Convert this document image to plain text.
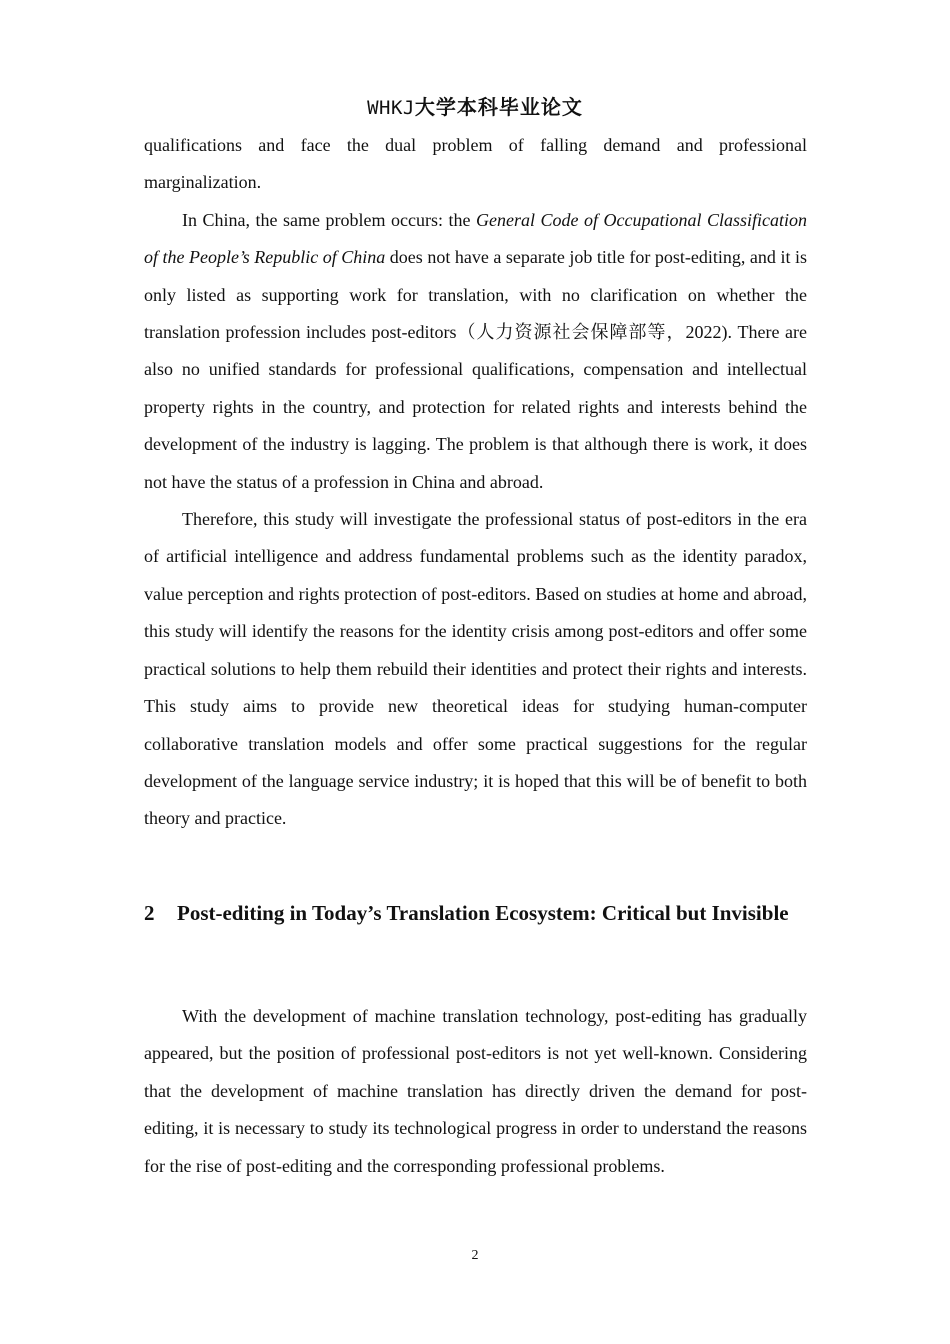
WHKJ大学本科毕业论文

qualifications and face the dual problem of falling demand and professional marginalization.

In China, the same problem occurs: the General Code of Occupational Classification of the People’s Republic of China does not have a separate job title for post-editing, and it is only listed as supporting work for translation, with no clarification on whether the translation profession includes post-editors（人力资源社会保障部等，2022). There are also no unified standards for professional qualifications, compensation and intellectual property rights in the country, and protection for related rights and interests behind the development of the industry is lagging. The problem is that although there is work, it does not have the status of a profession in China and abroad.

Therefore, this study will investigate the professional status of post-editors in the era of artificial intelligence and address fundamental problems such as the identity paradox, value perception and rights protection of post-editors. Based on studies at home and abroad, this study will identify the reasons for the identity crisis among post-editors and offer some practical solutions to help them rebuild their identities and protect their rights and interests. This study aims to provide new theoretical ideas for studying human-computer collaborative translation models and offer some practical suggestions for the regular development of the language service industry; it is hoped that this will be of benefit to both theory and practice.

2	Post-editing in Today’s Translation Ecosystem: Critical but Invisible

With the development of machine translation technology, post-editing has gradually appeared, but the position of professional post-editors is not yet well-known. Considering that the development of machine translation has directly driven the demand for post-editing, it is necessary to study its technological progress in order to understand the reasons for the rise of post-editing and the corresponding professional problems.

2
